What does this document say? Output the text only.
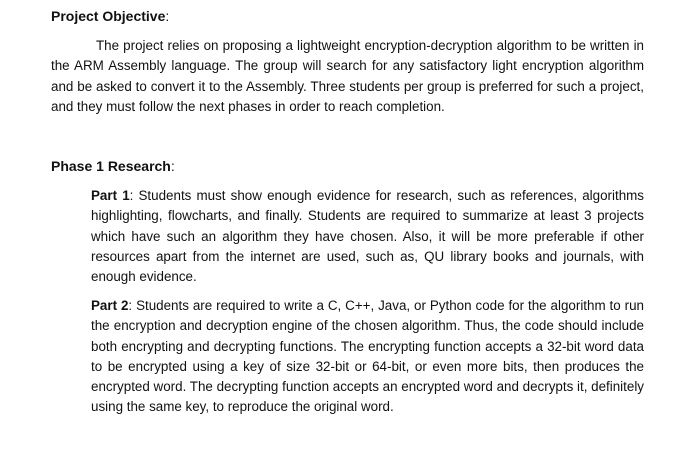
Project Objective:

The project relies on proposing a lightweight encryption-decryption algorithm to be written in the ARM Assembly language. The group will search for any satisfactory light encryption algorithm and be asked to convert it to the Assembly. Three students per group is preferred for such a project, and they must follow the next phases in order to reach completion.

Phase 1 Research:

Part 1: Students must show enough evidence for research, such as references, algorithms highlighting, flowcharts, and finally. Students are required to summarize at least 3 projects which have such an algorithm they have chosen. Also, it will be more preferable if other resources apart from the internet are used, such as, QU library books and journals, with enough evidence.

Part 2: Students are required to write a C, C++, Java, or Python code for the algorithm to run the encryption and decryption engine of the chosen algorithm. Thus, the code should include both encrypting and decrypting functions. The encrypting function accepts a 32-bit word data to be encrypted using a key of size 32-bit or 64-bit, or even more bits, then produces the encrypted word. The decrypting function accepts an encrypted word and decrypts it, definitely using the same key, to reproduce the original word.
